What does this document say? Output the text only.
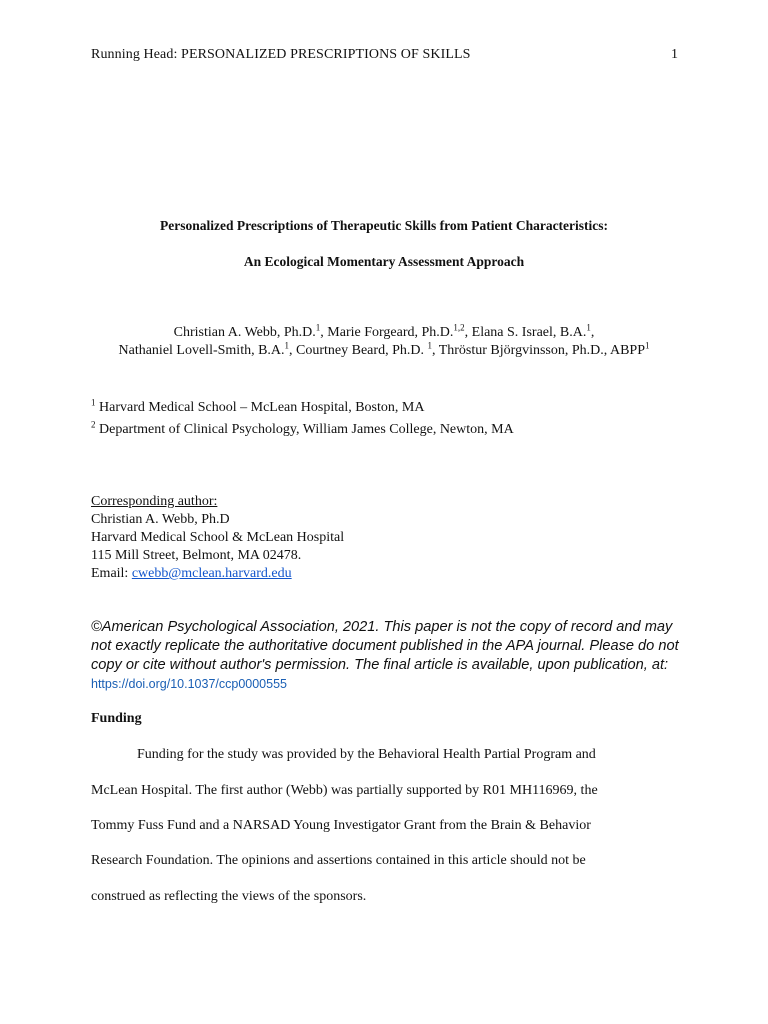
Running Head: PERSONALIZED PRESCRIPTIONS OF SKILLS	1
Personalized Prescriptions of Therapeutic Skills from Patient Characteristics:
An Ecological Momentary Assessment Approach
Christian A. Webb, Ph.D.$^1$, Marie Forgeard, Ph.D.$^{1,2}$, Elana S. Israel, B.A.$^1$,
Nathaniel Lovell-Smith, B.A.$^1$, Courtney Beard, Ph.D. $^1$, Thröstur Björgvinsson, Ph.D., ABPP$^1$
$^1$ Harvard Medical School – McLean Hospital, Boston, MA
$^2$ Department of Clinical Psychology, William James College, Newton, MA
Corresponding author:
Christian A. Webb, Ph.D
Harvard Medical School & McLean Hospital
115 Mill Street, Belmont, MA 02478.
Email: cwebb@mclean.harvard.edu
©American Psychological Association, 2021. This paper is not the copy of record and may not exactly replicate the authoritative document published in the APA journal. Please do not copy or cite without author's permission. The final article is available, upon publication, at: https://doi.org/10.1037/ccp0000555
Funding
Funding for the study was provided by the Behavioral Health Partial Program and
McLean Hospital. The first author (Webb) was partially supported by R01 MH116969, the
Tommy Fuss Fund and a NARSAD Young Investigator Grant from the Brain & Behavior
Research Foundation. The opinions and assertions contained in this article should not be
construed as reflecting the views of the sponsors.
